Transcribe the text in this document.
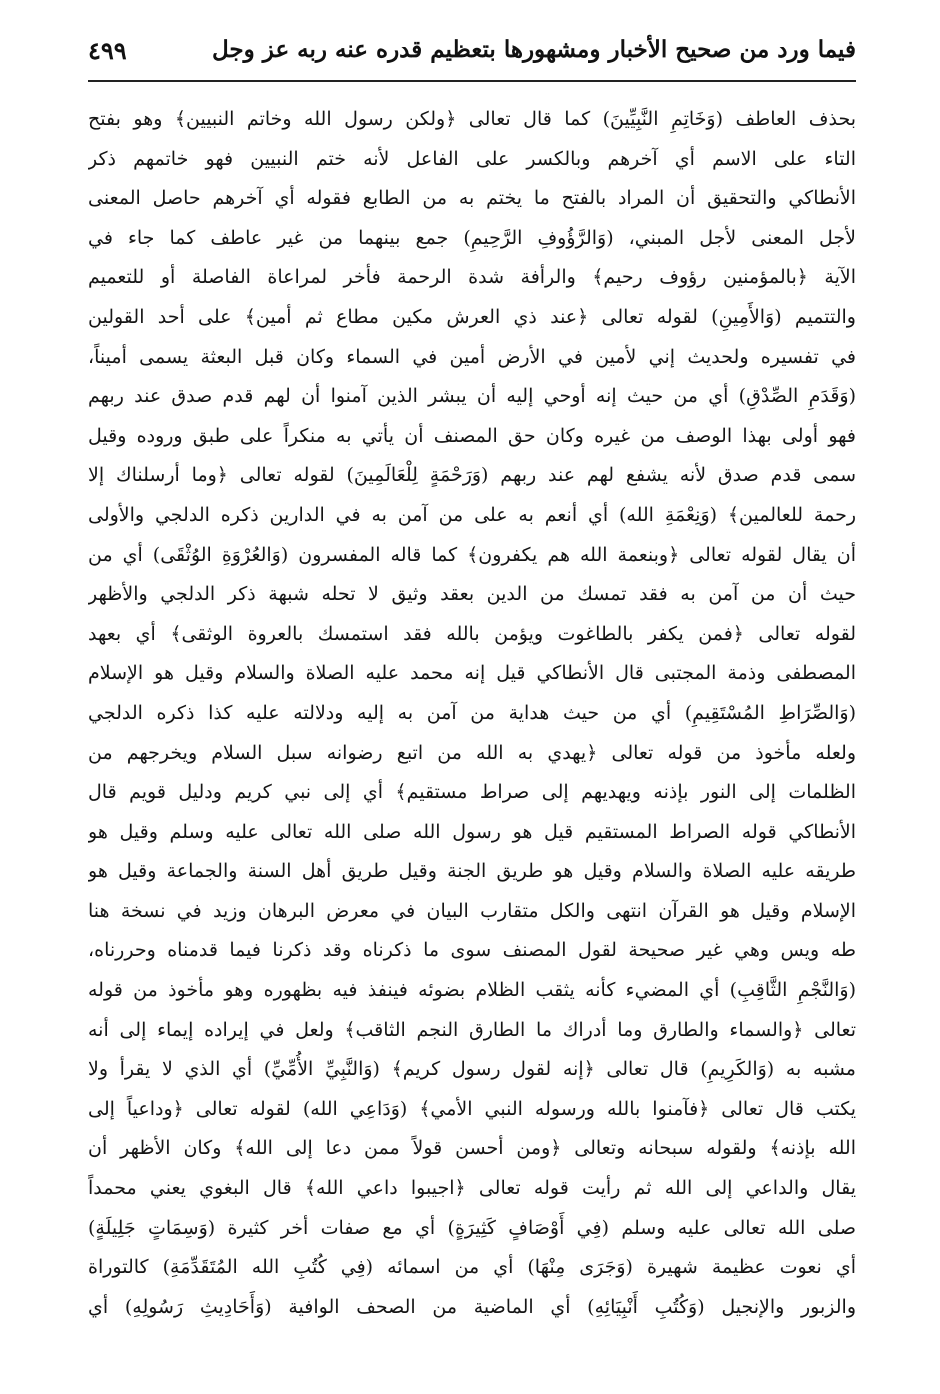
فيما ورد من صحيح الأخبار ومشهورها بتعظيم قدره عنه ربه عز وجل
٤٩٩
بحذف العاطف (وَخَاتِمِ النَّبِيِّينَ) كما قال تعالى ﴿ولكن رسول الله وخاتم النبيين﴾ وهو بفتح
التاء على الاسم أي آخرهم وبالكسر على الفاعل لأنه ختم النبيين فهو خاتمهم ذكر
الأنطاكي والتحقيق أن المراد بالفتح ما يختم به من الطابع فقوله أي آخرهم حاصل المعنى
لأجل المعنى لأجل المبني، (وَالرَّؤُوفِ الرَّحِيمِ) جمع بينهما من غير عاطف كما جاء في
الآية ﴿بالمؤمنين رؤوف رحيم﴾ والرأفة شدة الرحمة فأخر لمراعاة الفاصلة أو للتعميم
والتتميم (وَالأَمِينِ) لقوله تعالى ﴿عند ذي العرش مكين مطاع ثم أمين﴾ على أحد القولين
في تفسيره ولحديث إني لأمين في الأرض أمين في السماء وكان قبل البعثة يسمى أميناً،
(وَقَدَمِ الصِّدْقِ) أي من حيث إنه أوحي إليه أن يبشر الذين آمنوا أن لهم قدم صدق عند ربهم
فهو أولى بهذا الوصف من غيره وكان حق المصنف أن يأتي به منكراً على طبق وروده وقيل
سمى قدم صدق لأنه يشفع لهم عند ربهم (وَرَحْمَةٍ لِلْعَالَمِينَ) لقوله تعالى ﴿وما أرسلناك إلا
رحمة للعالمين﴾ (وَنِعْمَةِ الله) أي أنعم به على من آمن به في الدارين ذكره الدلجي والأولى
أن يقال لقوله تعالى ﴿وبنعمة الله هم يكفرون﴾ كما قاله المفسرون (وَالعُرْوَةِ الوُثْقَى) أي من
حيث أن من آمن به فقد تمسك من الدين بعقد وثيق لا تحله شبهة ذكر الدلجي والأظهر
لقوله تعالى ﴿فمن يكفر بالطاغوت ويؤمن بالله فقد استمسك بالعروة الوثقى﴾ أي بعهد
المصطفى وذمة المجتبى قال الأنطاكي قيل إنه محمد عليه الصلاة والسلام وقيل هو الإسلام
(وَالصِّرَاطِ المُسْتَقِيمِ) أي من حيث هداية من آمن به إليه ودلالته عليه كذا ذكره الدلجي
ولعله مأخوذ من قوله تعالى ﴿يهدي به الله من اتبع رضوانه سبل السلام ويخرجهم من
الظلمات إلى النور بإذنه ويهديهم إلى صراط مستقيم﴾ أي إلى نبي كريم ودليل قويم قال
الأنطاكي قوله الصراط المستقيم قيل هو رسول الله صلى الله تعالى عليه وسلم وقيل هو
طريقه عليه الصلاة والسلام وقيل هو طريق الجنة وقيل طريق أهل السنة والجماعة وقيل هو
الإسلام وقيل هو القرآن انتهى والكل متقارب البيان في معرض البرهان وزيد في نسخة هنا
طه ويس وهي غير صحيحة لقول المصنف سوى ما ذكرناه وقد ذكرنا فيما قدمناه وحررناه،
(وَالنَّجْمِ الثَّاقِبِ) أي المضيء كأنه يثقب الظلام بضوئه فينفذ فيه بظهوره وهو مأخوذ من قوله
تعالى ﴿والسماء والطارق وما أدراك ما الطارق النجم الثاقب﴾ ولعل في إيراده إيماء إلى أنه
مشبه به (وَالكَرِيمِ) قال تعالى ﴿إنه لقول رسول كريم﴾ (وَالنَّبِيِّ الأُمِّيِّ) أي الذي لا يقرأ ولا
يكتب قال تعالى ﴿فآمنوا بالله ورسوله النبي الأمي﴾ (وَدَاعِي الله) لقوله تعالى ﴿وداعياً إلى
الله بإذنه﴾ ولقوله سبحانه وتعالى ﴿ومن أحسن قولاً ممن دعا إلى الله﴾ وكان الأظهر أن
يقال والداعي إلى الله ثم رأيت قوله تعالى ﴿اجيبوا داعي الله﴾ قال البغوي يعني محمداً
صلى الله تعالى عليه وسلم (فِي أَوْصَافٍ كَثِيرَةٍ) أي مع صفات أخر كثيرة (وَسِمَاتٍ جَلِيلَةٍ)
أي نعوت عظيمة شهيرة (وَجَرَى مِنْهَا) أي من اسمائه (فِي كُتُبِ الله المُتَقَدِّمَةِ) كالتوراة
والزبور والإنجيل (وَكُتُبِ أَنْبِيَائِهِ) أي الماضية من الصحف الوافية (وَأَحَادِيثِ رَسُولِهِ) أي
